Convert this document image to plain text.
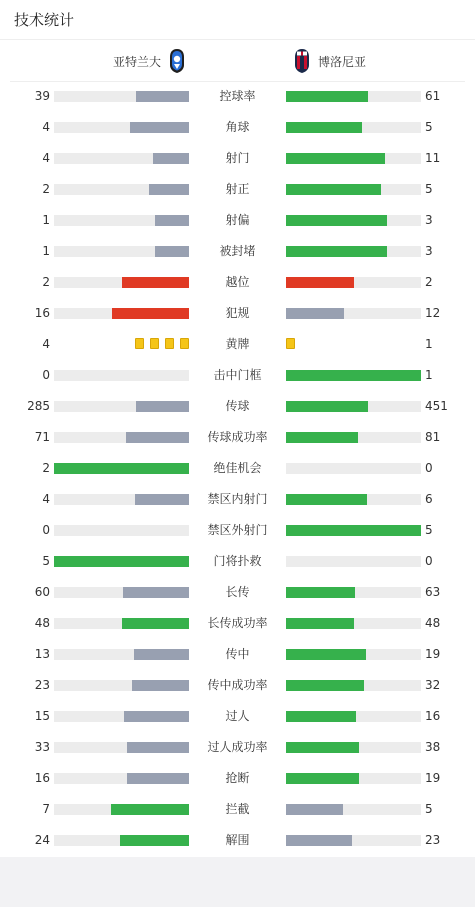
技术统计
亚特兰大	博洛尼亚
39	控球率	61
4	角球	5
4	射门	11
2	射正	5
1	射偏	3
1	被封堵	3
2	越位	2
16	犯规	12
4	黄牌	1
0	击中门框	1
285	传球	451
71	传球成功率	81
2	绝佳机会	0
4	禁区内射门	6
0	禁区外射门	5
5	门将扑救	0
60	长传	63
48	长传成功率	48
13	传中	19
23	传中成功率	32
15	过人	16
33	过人成功率	38
16	抢断	19
7	拦截	5
24	解围	23
